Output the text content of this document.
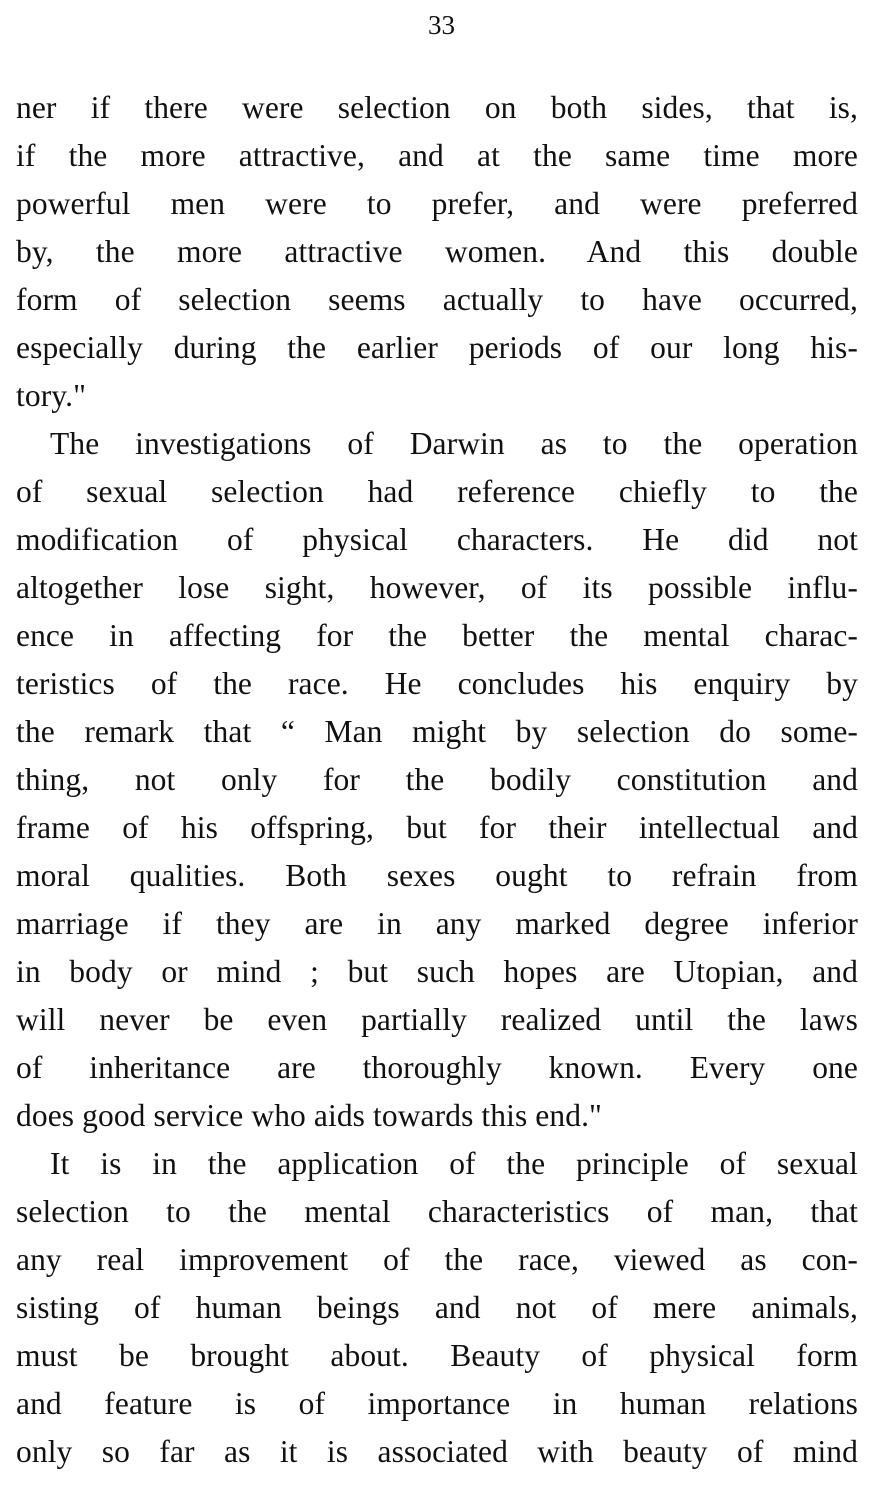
33
ner if there were selection on both sides, that is,
if the more attractive, and at the same time more
powerful men were to prefer, and were preferred
by, the more attractive women. And this double
form of selection seems actually to have occurred,
especially during the earlier periods of our long his-
tory."
The investigations of Darwin as to the operation
of sexual selection had reference chiefly to the
modification of physical characters. He did not
altogether lose sight, however, of its possible influ-
ence in affecting for the better the mental charac-
teristics of the race. He concludes his enquiry by
the remark that “ Man might by selection do some-
thing, not only for the bodily constitution and
frame of his offspring, but for their intellectual and
moral qualities. Both sexes ought to refrain from
marriage if they are in any marked degree inferior
in body or mind ; but such hopes are Utopian, and
will never be even partially realized until the laws
of inheritance are thoroughly known. Every one
does good service who aids towards this end."
It is in the application of the principle of sexual
selection to the mental characteristics of man, that
any real improvement of the race, viewed as con-
sisting of human beings and not of mere animals,
must be brought about. Beauty of physical form
and feature is of importance in human relations
only so far as it is associated with beauty of mind
